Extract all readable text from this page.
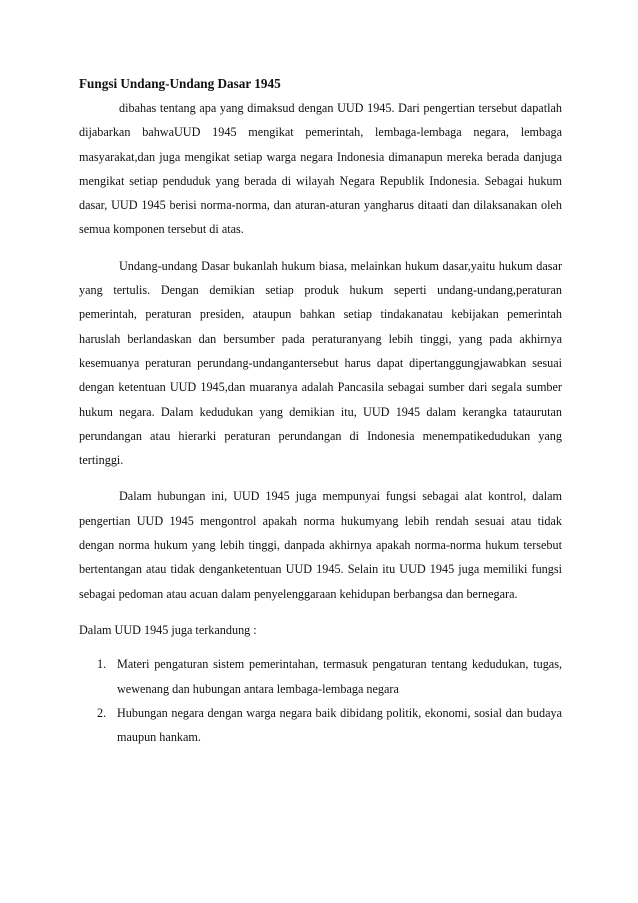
Fungsi Undang-Undang Dasar 1945

dibahas tentang apa yang dimaksud dengan UUD 1945. Dari pengertian tersebut dapatlah dijabarkan bahwaUUD 1945 mengikat pemerintah, lembaga-lembaga negara, lembaga masyarakat,dan juga mengikat setiap warga negara Indonesia dimanapun mereka berada danjuga mengikat setiap penduduk yang berada di wilayah Negara Republik Indonesia. Sebagai hukum dasar, UUD 1945 berisi norma-norma, dan aturan-aturan yangharus ditaati dan dilaksanakan oleh semua komponen tersebut di atas.

Undang-undang Dasar bukanlah hukum biasa, melainkan hukum dasar,yaitu hukum dasar yang tertulis. Dengan demikian setiap produk hukum seperti undang-undang,peraturan pemerintah, peraturan presiden, ataupun bahkan setiap tindakanatau kebijakan pemerintah haruslah berlandaskan dan bersumber pada peraturanyang lebih tinggi, yang pada akhirnya kesemuanya peraturan perundang-undangantersebut harus dapat dipertanggungjawabkan sesuai dengan ketentuan UUD 1945,dan muaranya adalah Pancasila sebagai sumber dari segala sumber hukum negara. Dalam kedudukan yang demikian itu, UUD 1945 dalam kerangka tataurutan perundangan atau hierarki peraturan perundangan di Indonesia menempatikedudukan yang tertinggi.

Dalam hubungan ini, UUD 1945 juga mempunyai fungsi sebagai alat kontrol, dalam pengertian UUD 1945 mengontrol apakah norma hukumyang lebih rendah sesuai atau tidak dengan norma hukum yang lebih tinggi, danpada akhirnya apakah norma-norma hukum tersebut bertentangan atau tidak denganketentuan UUD 1945. Selain itu UUD 1945 juga memiliki fungsi sebagai pedoman atau acuan dalam penyelenggaraan kehidupan berbangsa dan bernegara.

Dalam UUD 1945 juga terkandung :

1. Materi pengaturan sistem pemerintahan, termasuk pengaturan tentang kedudukan, tugas, wewenang dan hubungan antara lembaga-lembaga negara
2. Hubungan negara dengan warga negara baik dibidang politik, ekonomi, sosial dan budaya maupun hankam.
